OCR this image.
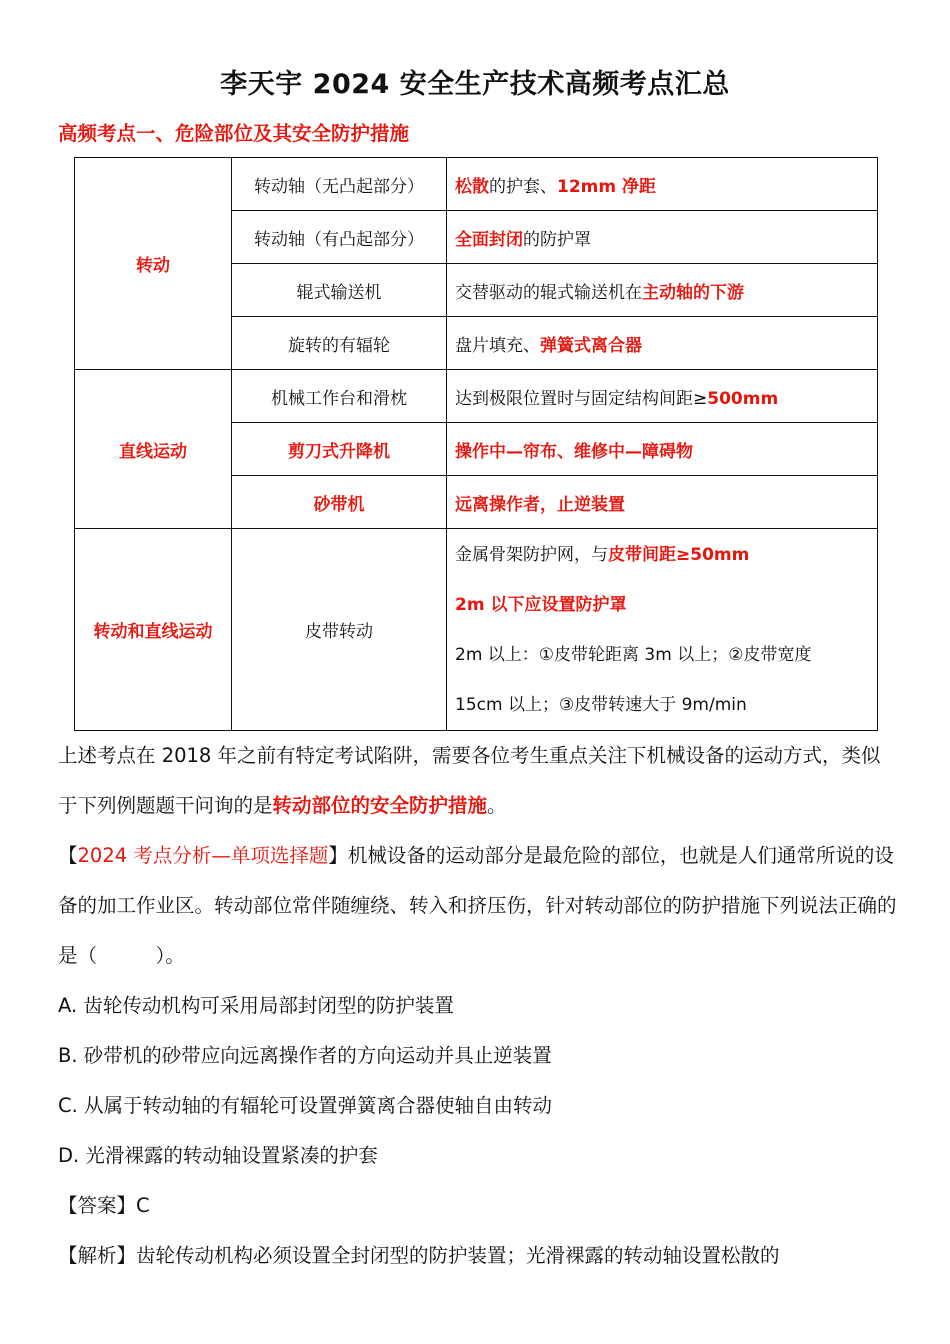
李天宇 2024 安全生产技术高频考点汇总
高频考点一、危险部位及其安全防护措施
转动	转动轴（无凸起部分）	松散的护套、12mm 净距
	转动轴（有凸起部分）	全面封闭的防护罩
	辊式输送机	交替驱动的辊式输送机在主动轴的下游
	旋转的有辐轮	盘片填充、弹簧式离合器
直线运动	机械工作台和滑枕	达到极限位置时与固定结构间距≥500mm
	剪刀式升降机	操作中—帘布、维修中—障碍物
	砂带机	远离操作者，止逆装置
转动和直线运动	皮带转动	金属骨架防护网，与皮带间距≥50mm
2m 以下应设置防护罩
2m 以上：①皮带轮距离 3m 以上；②皮带宽度
15cm 以上；③皮带转速大于 9m/min
上述考点在 2018 年之前有特定考试陷阱，需要各位考生重点关注下机械设备的运动方式，类似于下列例题题干问询的是转动部位的安全防护措施。
【2024 考点分析—单项选择题】机械设备的运动部分是最危险的部位，也就是人们通常所说的设备的加工作业区。转动部位常伴随缠绕、转入和挤压伤，针对转动部位的防护措施下列说法正确的是（　　　）。
A. 齿轮传动机构可采用局部封闭型的防护装置
B. 砂带机的砂带应向远离操作者的方向运动并具止逆装置
C. 从属于转动轴的有辐轮可设置弹簧离合器使轴自由转动
D. 光滑裸露的转动轴设置紧凑的护套
【答案】C
【解析】齿轮传动机构必须设置全封闭型的防护装置；光滑裸露的转动轴设置松散的
